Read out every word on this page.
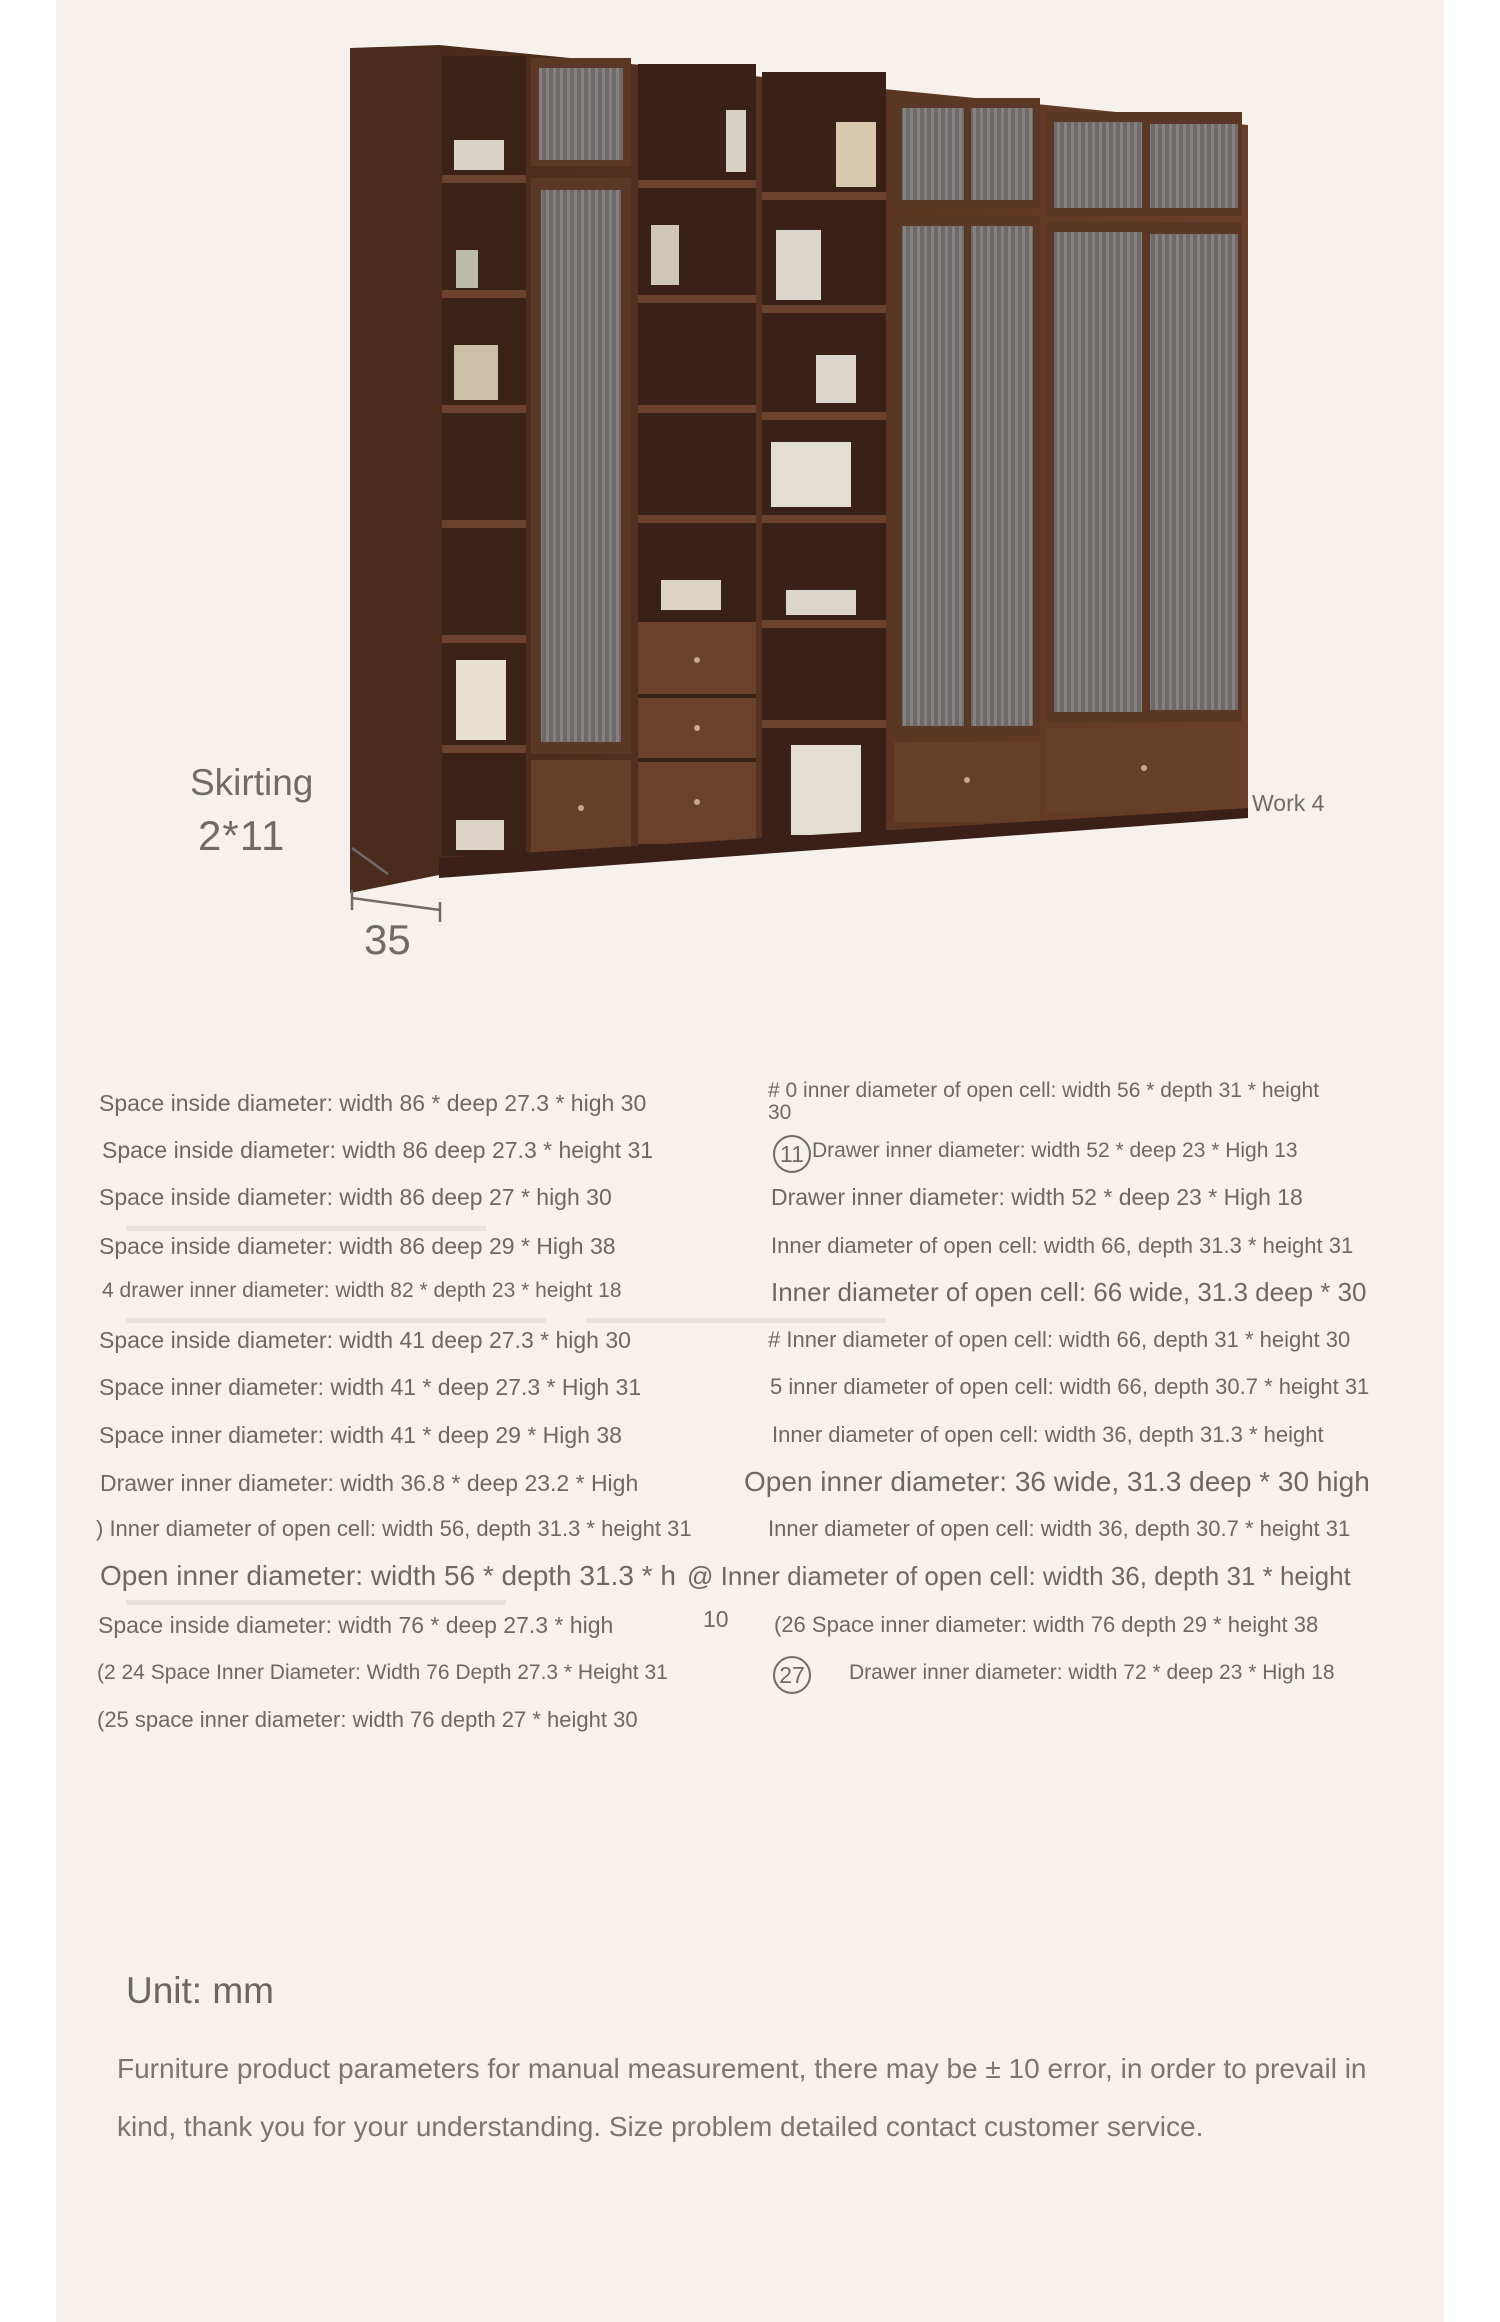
Skirting
2*11
35
Work 4
Space inside diameter: width 86 * deep 27.3 * high 30
Space inside diameter: width 86 deep 27.3 * height 31
Space inside diameter: width 86 deep 27 * high 30
Space inside diameter: width 86 deep 29 * High 38
4 drawer inner diameter: width 82 * depth 23 * height 18
Space inside diameter: width 41 deep 27.3 * high 30
Space inner diameter: width 41 * deep 27.3 * High 31
Space inner diameter: width 41 * deep 29 * High 38
Drawer inner diameter: width 36.8 * deep 23.2 * High
) Inner diameter of open cell: width 56, depth 31.3 * height 31
Open inner diameter: width 56 * depth 31.3 * h
Space inside diameter: width 76 * deep 27.3 * high
(2 24 Space Inner Diameter: Width 76 Depth 27.3 * Height 31
(25 space inner diameter: width 76 depth 27 * height 30
# 0 inner diameter of open cell: width 56 * depth 31 * height
30
11 Drawer inner diameter: width 52 * deep 23 * High 13
Drawer inner diameter: width 52 * deep 23 * High 18
Inner diameter of open cell: width 66, depth 31.3 * height 31
Inner diameter of open cell: 66 wide, 31.3 deep * 30
# Inner diameter of open cell: width 66, depth 31 * height 30
5 inner diameter of open cell: width 66, depth 30.7 * height 31
Inner diameter of open cell: width 36, depth 31.3 * height
Open inner diameter: 36 wide, 31.3 deep * 30 high
Inner diameter of open cell: width 36, depth 30.7 * height 31
@ Inner diameter of open cell: width 36, depth 31 * height
10 (26 Space inner diameter: width 76 depth 29 * height 38
27 Drawer inner diameter: width 72 * deep 23 * High 18
Unit: mm
Furniture product parameters for manual measurement, there may be ± 10 error, in order to prevail in kind, thank you for your understanding. Size problem detailed contact customer service.
